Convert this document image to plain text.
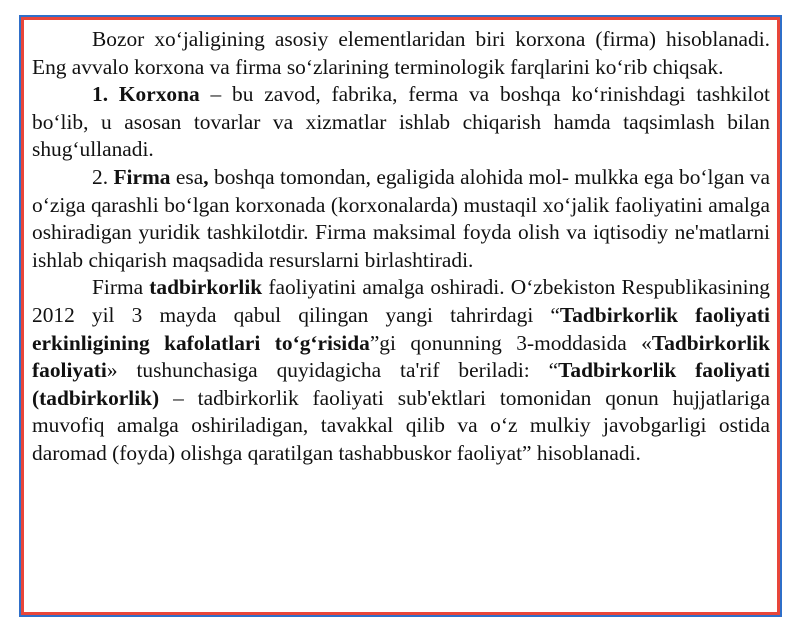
Bozor xo‘jaligining asosiy elementlaridan biri korxona (firma) hisoblanadi. Eng avvalo korxona va firma so‘zlarining terminologik farqlarini ko‘rib chiqsak.

1. Korxona – bu zavod, fabrika, ferma va boshqa ko‘rinishdagi tashkilot bo‘lib, u asosan tovarlar va xizmatlar ishlab chiqarish hamda taqsimlash bilan shug‘ullanadi.

2. Firma esa, boshqa tomondan, egaligida alohida mol- mulkka ega bo‘lgan va o‘ziga qarashli bo‘lgan korxonada (korxonalarda) mustaqil xo‘jalik faoliyatini amalga oshiradigan yuridik tashkilotdir. Firma maksimal foyda olish va iqtisodiy ne'matlarni ishlab chiqarish maqsadida resurslarni birlashtiradi.

Firma tadbirkorlik faoliyatini amalga oshiradi. O‘zbekiston Respublikasining 2012 yil 3 mayda qabul qilingan yangi tahrirdagi “Tadbirkorlik faoliyati erkinligining kafolatlari to‘g‘risida”gi qonunning 3-moddasida «Tadbirkorlik faoliyati» tushunchasiga quyidagicha ta'rif beriladi: “Tadbirkorlik faoliyati (tadbirkorlik) – tadbirkorlik faoliyati sub'ektlari tomonidan qonun hujjatlariga muvofiq amalga oshiriladigan, tavakkal qilib va o‘z mulkiy javobgarligi ostida daromad (foyda) olishga qaratilgan tashabbuskor faoliyat” hisoblanadi.
